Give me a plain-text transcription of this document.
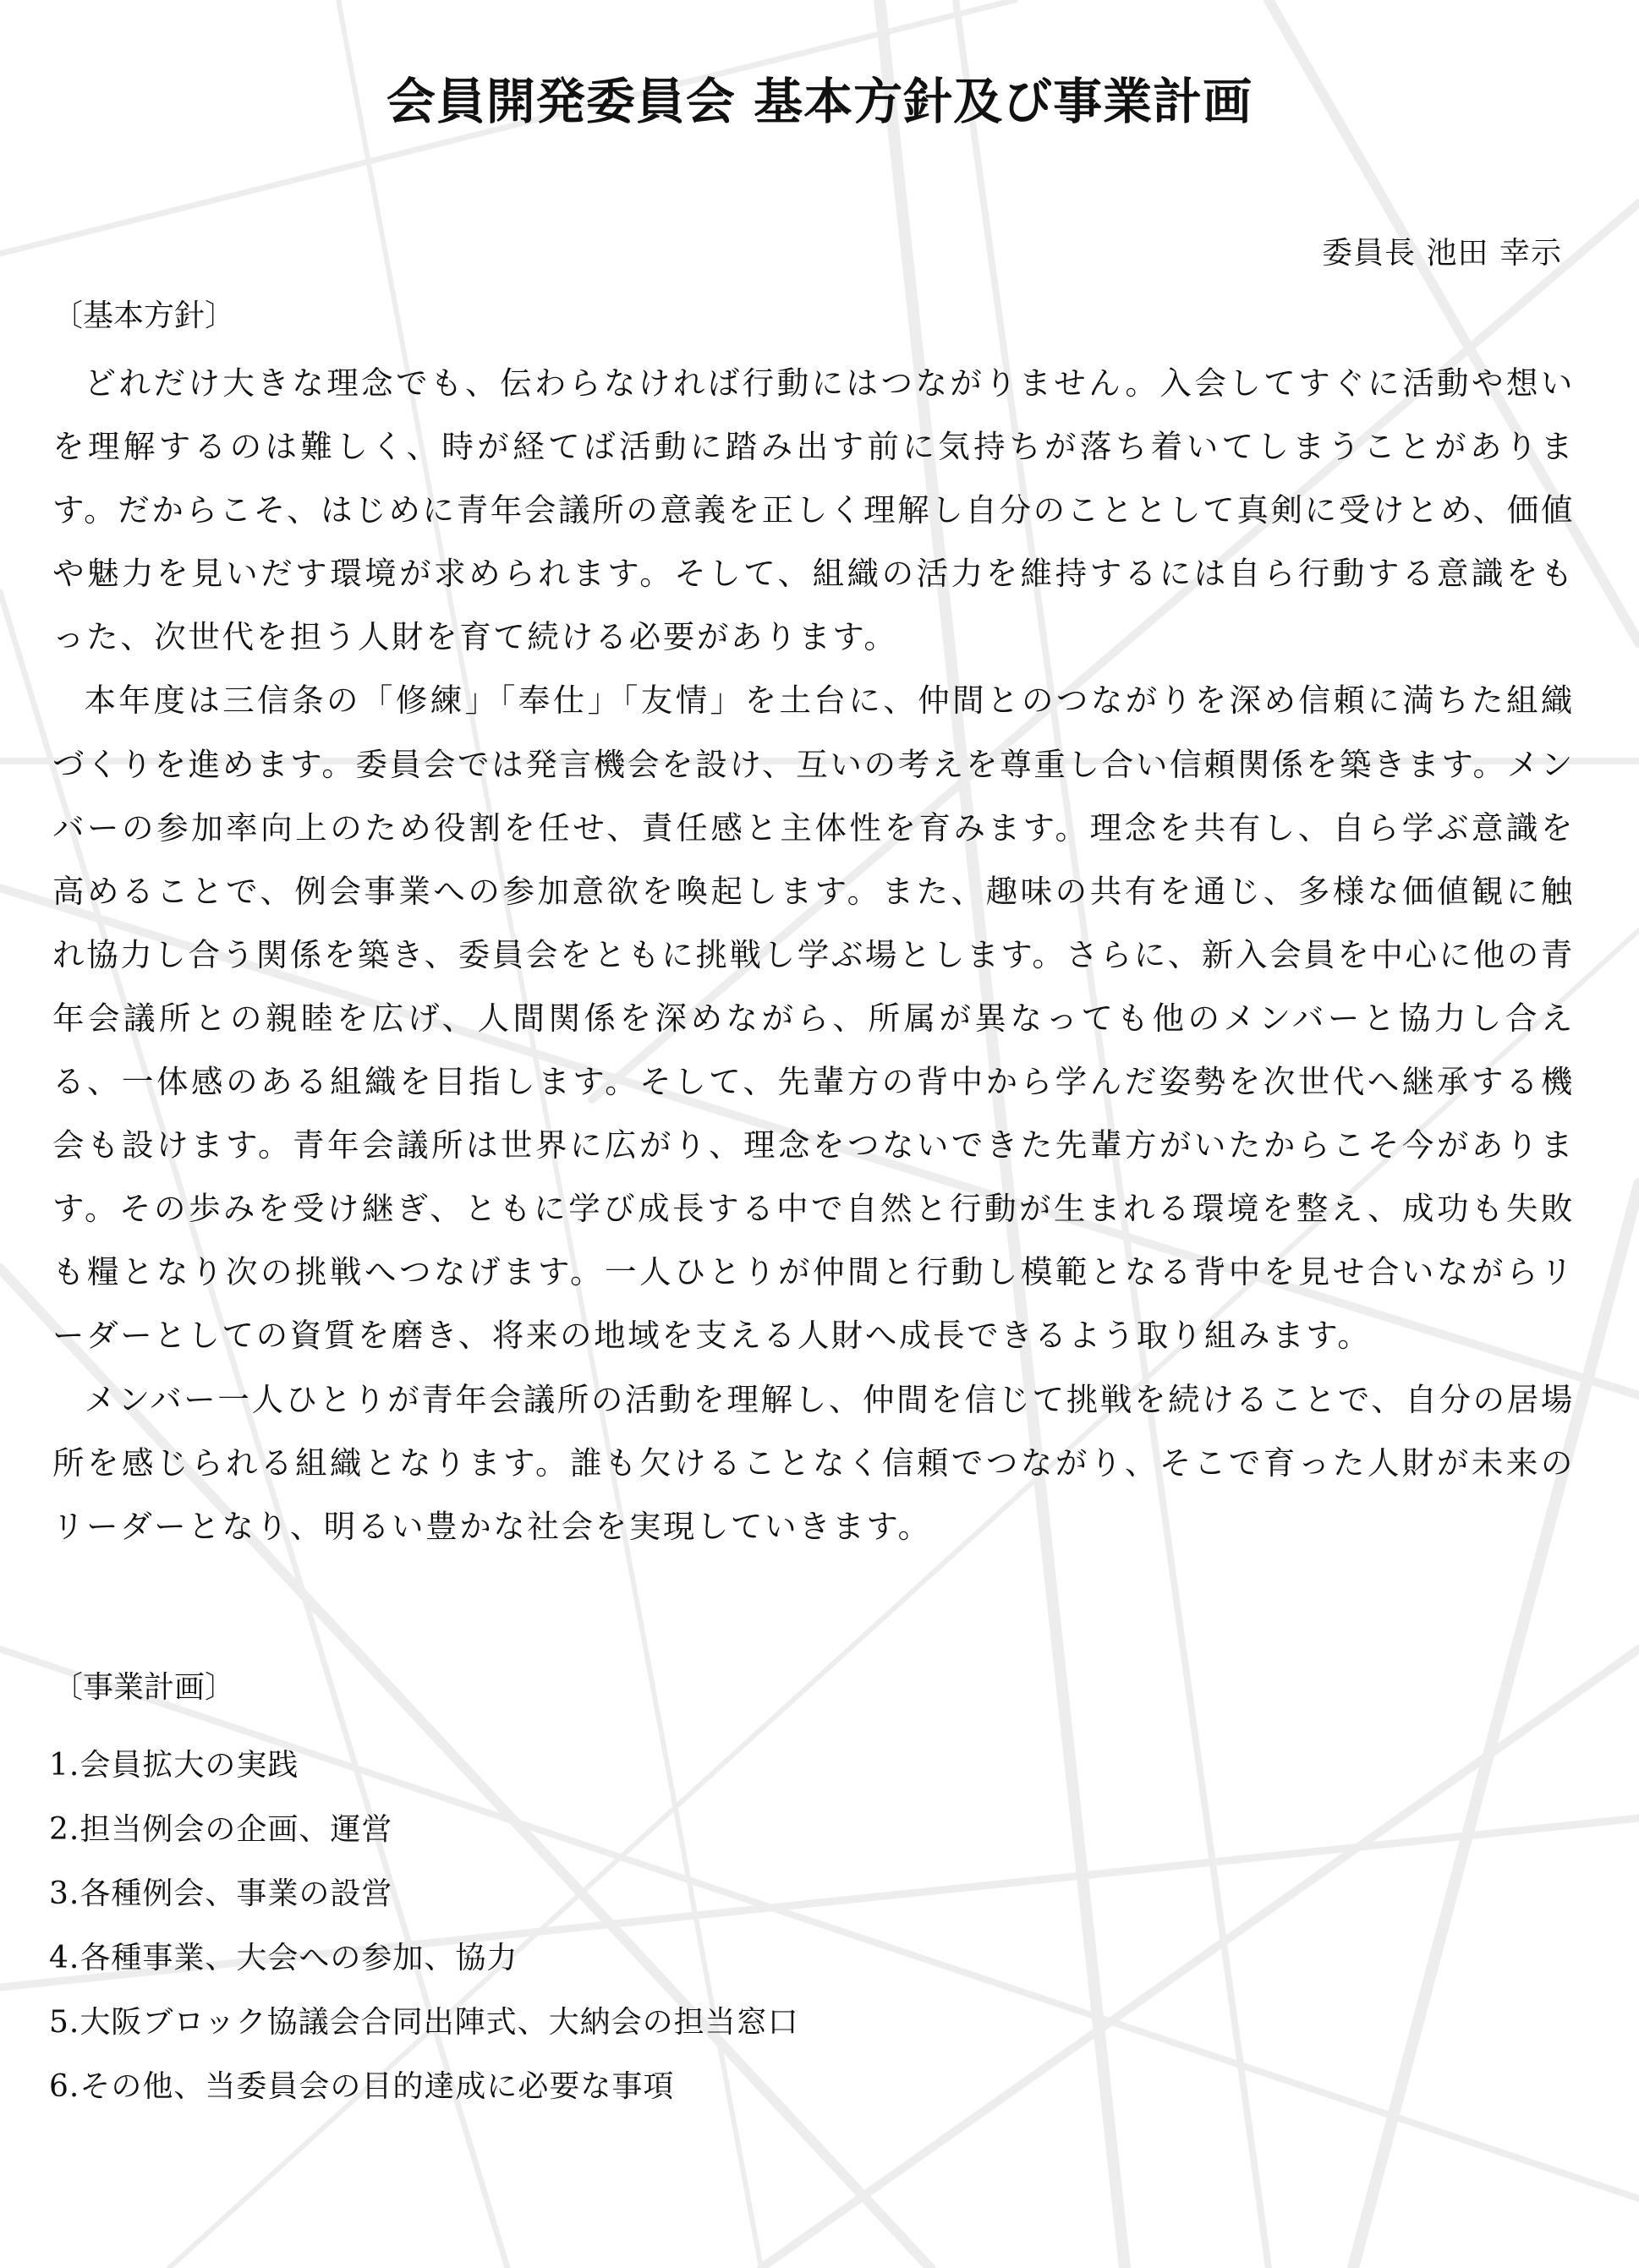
会員開発委員会 基本方針及び事業計画
委員長 池田 幸示
〔基本方針〕

どれだけ大きな理念でも、伝わらなければ行動にはつながりません。入会してすぐに活動や想いを理解するのは難しく、時が経てば活動に踏み出す前に気持ちが落ち着いてしまうことがあります。だからこそ、はじめに青年会議所の意義を正しく理解し自分のこととして真剣に受けとめ、価値や魅力を見いだす環境が求められます。そして、組織の活力を維持するには自ら行動する意識をもった、次世代を担う人財を育て続ける必要があります。

本年度は三信条の「修練」「奉仕」「友情」を土台に、仲間とのつながりを深め信頼に満ちた組織づくりを進めます。委員会では発言機会を設け、互いの考えを尊重し合い信頼関係を築きます。メンバーの参加率向上のため役割を任せ、責任感と主体性を育みます。理念を共有し、自ら学ぶ意識を高めることで、例会事業への参加意欲を喚起します。また、趣味の共有を通じ、多様な価値観に触れ協力し合う関係を築き、委員会をともに挑戦し学ぶ場とします。さらに、新入会員を中心に他の青年会議所との親睦を広げ、人間関係を深めながら、所属が異なっても他のメンバーと協力し合える、一体感のある組織を目指します。そして、先輩方の背中から学んだ姿勢を次世代へ継承する機会も設けます。青年会議所は世界に広がり、理念をつないできた先輩方がいたからこそ今があります。その歩みを受け継ぎ、ともに学び成長する中で自然と行動が生まれる環境を整え、成功も失敗も糧となり次の挑戦へつなげます。一人ひとりが仲間と行動し模範となる背中を見せ合いながらリーダーとしての資質を磨き、将来の地域を支える人財へ成長できるよう取り組みます。

メンバー一人ひとりが青年会議所の活動を理解し、仲間を信じて挑戦を続けることで、自分の居場所を感じられる組織となります。誰も欠けることなく信頼でつながり、そこで育った人財が未来のリーダーとなり、明るい豊かな社会を実現していきます。

〔事業計画〕
1.会員拡大の実践
2.担当例会の企画、運営
3.各種例会、事業の設営
4.各種事業、大会への参加、協力
5.大阪ブロック協議会合同出陣式、大納会の担当窓口
6.その他、当委員会の目的達成に必要な事項
